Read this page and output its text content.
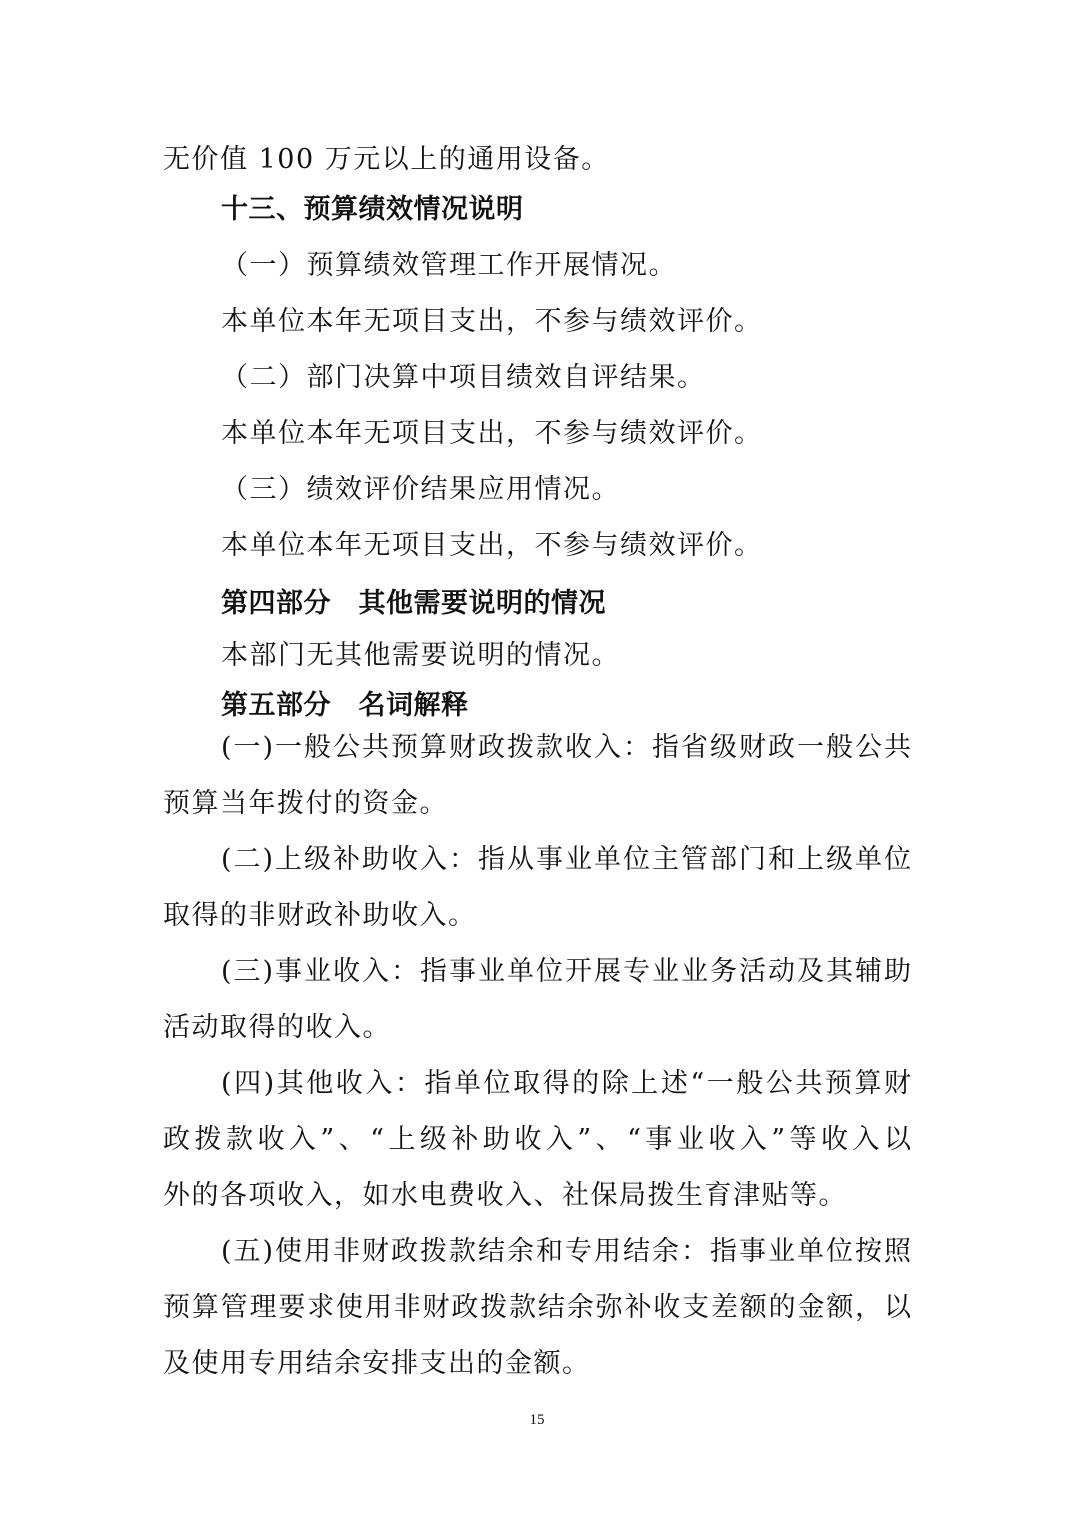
无价值 100 万元以上的通用设备。
十三、预算绩效情况说明
（一）预算绩效管理工作开展情况。
本单位本年无项目支出，不参与绩效评价。
（二）部门决算中项目绩效自评结果。
本单位本年无项目支出，不参与绩效评价。
（三）绩效评价结果应用情况。
本单位本年无项目支出，不参与绩效评价。
第四部分　其他需要说明的情况
本部门无其他需要说明的情况。
第五部分　名词解释
(一)一般公共预算财政拨款收入：指省级财政一般公共
预算当年拨付的资金。
(二)上级补助收入：指从事业单位主管部门和上级单位
取得的非财政补助收入。
(三)事业收入：指事业单位开展专业业务活动及其辅助
活动取得的收入。
(四)其他收入：指单位取得的除上述“一般公共预算财
政拨款收入”、“上级补助收入”、“事业收入”等收入以
外的各项收入，如水电费收入、社保局拨生育津贴等。
(五)使用非财政拨款结余和专用结余：指事业单位按照
预算管理要求使用非财政拨款结余弥补收支差额的金额，以
及使用专用结余安排支出的金额。
15
